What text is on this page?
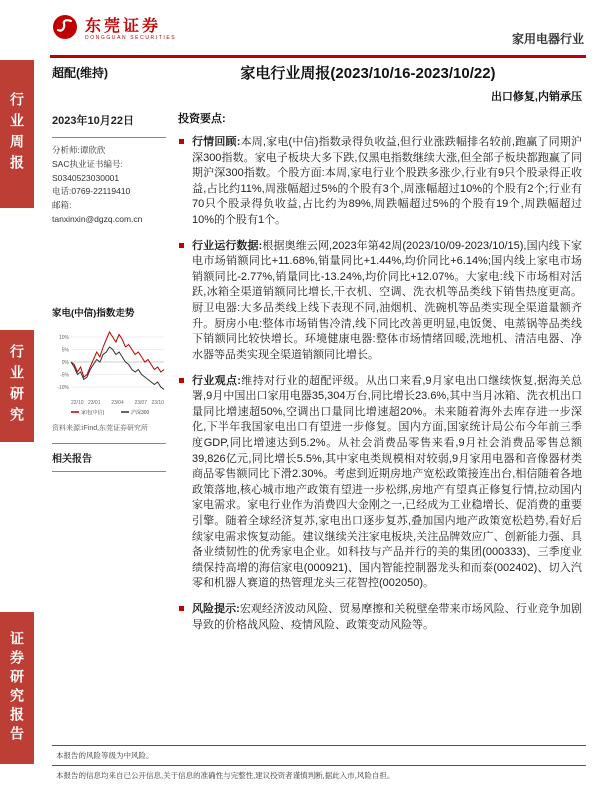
行业周报
行业研究
证券研究报告
东莞证券
DONGGUAN SECURITIES	家用电器行业
超配(维持)	家电行业周报(2023/10/16-2023/10/22)
出口修复,内销承压
2023年10月22日
分析师:谭欣欣
SAC执业证书编号:
S0340523030001
电话:0769-22119410
邮箱:
tanxinxin@dgzq.com.cn
家电(中信)指数走势
10%
5%
0%
-5%
-10%
22/10 23/01 23/04 23/07 23/10
家电(中信)	沪深300
资料来源:iFind,东莞证券研究所
相关报告
投资要点:
行情回顾:本周,家电(中信)指数录得负收益,但行业涨跌幅排名较前,跑赢了同期沪深300指数。家电子板块大多下跌,仅黑电指数继续大涨,但全部子板块都跑赢了同期沪深300指数。个股方面:本周,家电行业个股跌多涨少,行业有9只个股录得正收益,占比约11%,周涨幅超过5%的个股有3个,周涨幅超过10%的个股有2个;行业有70只个股录得负收益,占比约为89%,周跌幅超过5%的个股有19个,周跌幅超过10%的个股有1个。
行业运行数据:根据奥维云网,2023年第42周(2023/10/09-2023/10/15),国内线下家电市场销额同比+11.68%,销量同比+1.44%,均价同比+6.14%;国内线上家电市场销额同比-2.77%,销量同比-13.24%,均价同比+12.07%。大家电:线下市场相对活跃,冰箱全渠道销额同比增长,干衣机、空调、洗衣机等品类线下销售热度更高。厨卫电器:大多品类线上线下表现不同,油烟机、洗碗机等品类实现全渠道量额齐升。厨房小电:整体市场销售冷清,线下同比改善更明显,电饭煲、电蒸锅等品类线下销额同比较快增长。环境健康电器:整体市场情绪回暖,洗地机、清洁电器、净水器等品类实现全渠道销额同比增长。
行业观点:维持对行业的超配评级。从出口来看,9月家电出口继续恢复,据海关总署,9月中国出口家用电器35,304万台,同比增长23.6%,其中当月冰箱、洗衣机出口量同比增速超50%,空调出口量同比增速超20%。未来随着海外去库存进一步深化,下半年我国家电出口有望进一步修复。国内方面,国家统计局公布今年前三季度GDP,同比增速达到5.2%。从社会消费品零售来看,9月社会消费品零售总额39,826亿元,同比增长5.5%,其中家电类规模相对较弱,9月家用电器和音像器材类商品零售额同比下滑2.30%。考虑到近期房地产宽松政策接连出台,相信随着各地政策落地,核心城市地产政策有望进一步松绑,房地产有望真正修复行情,拉动国内家电需求。家电行业作为消费四大金刚之一,已经成为工业稳增长、促消费的重要引擎。随着全球经济复苏,家电出口逐步复苏,叠加国内地产政策宽松趋势,看好后续家电需求恢复动能。建议继续关注家电板块,关注品牌效应广、创新能力强、具备业绩韧性的优秀家电企业。如科技与产品并行的美的集团(000333)、三季度业绩保持高增的海信家电(000921)、国内智能控制器龙头和而泰(002402)、切入汽零和机器人赛道的热管理龙头三花智控(002050)。
风险提示:宏观经济波动风险、贸易摩擦和关税壁垒带来市场风险、行业竞争加剧导致的价格战风险、疫情风险、政策变动风险等。
本报告的风险等级为中风险。
本报告的信息均来自已公开信息,关于信息的准确性与完整性,建议投资者谨慎判断,据此入市,风险自担。
